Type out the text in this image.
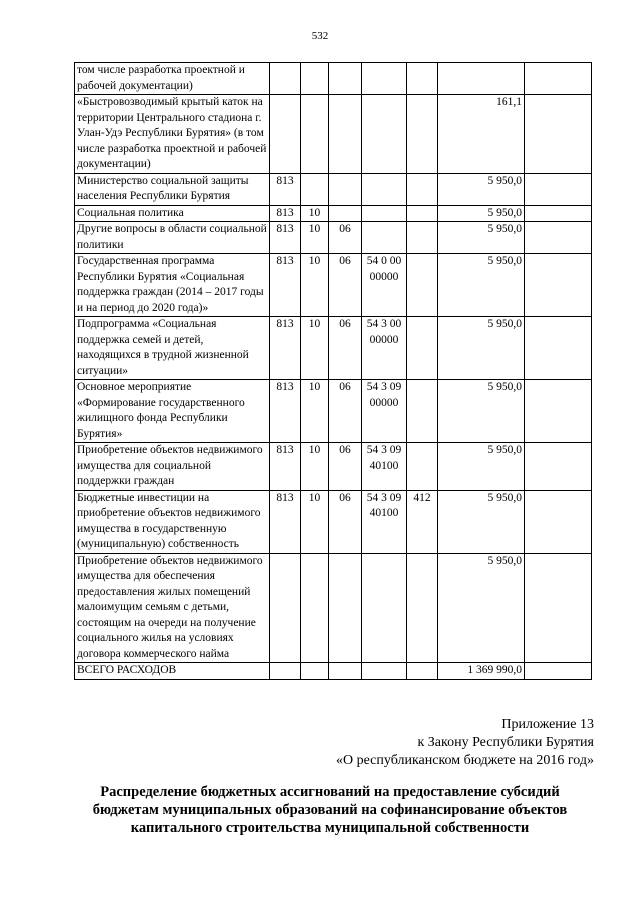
532
том числе разработка проектной и рабочей документации)							
«Быстровозводимый крытый каток на территории Центрального стадиона г. Улан-Удэ Республики Бурятия» (в том числе разработка проектной и рабочей документации)						161,1	
Министерство социальной защиты населения Республики Бурятия	813					5 950,0	
Социальная политика	813	10				5 950,0	
Другие вопросы в области социальной политики	813	10	06			5 950,0	
Государственная программа Республики Бурятия «Социальная поддержка граждан (2014 – 2017 годы и на период до 2020 года)»	813	10	06	54 0 00 00000		5 950,0	
Подпрограмма «Социальная поддержка семей и детей, находящихся в трудной жизненной ситуации»	813	10	06	54 3 00 00000		5 950,0	
Основное мероприятие «Формирование государственного жилищного фонда Республики Бурятия»	813	10	06	54 3 09 00000		5 950,0	
Приобретение объектов недвижимого имущества для социальной поддержки граждан	813	10	06	54 3 09 40100		5 950,0	
Бюджетные инвестиции на приобретение объектов недвижимого имущества в государственную (муниципальную) собственность	813	10	06	54 3 09 40100	412	5 950,0	
Приобретение объектов недвижимого имущества для обеспечения предоставления жилых помещений малоимущим семьям с детьми, состоящим на очереди на получение социального жилья на условиях договора коммерческого найма						5 950,0	
ВСЕГО РАСХОДОВ						1 369 990,0	
Приложение 13
к Закону Республики Бурятия
«О республиканском бюджете на 2016 год»
Распределение бюджетных ассигнований на предоставление субсидий
бюджетам муниципальных образований на софинансирование объектов
капитального строительства муниципальной собственности
